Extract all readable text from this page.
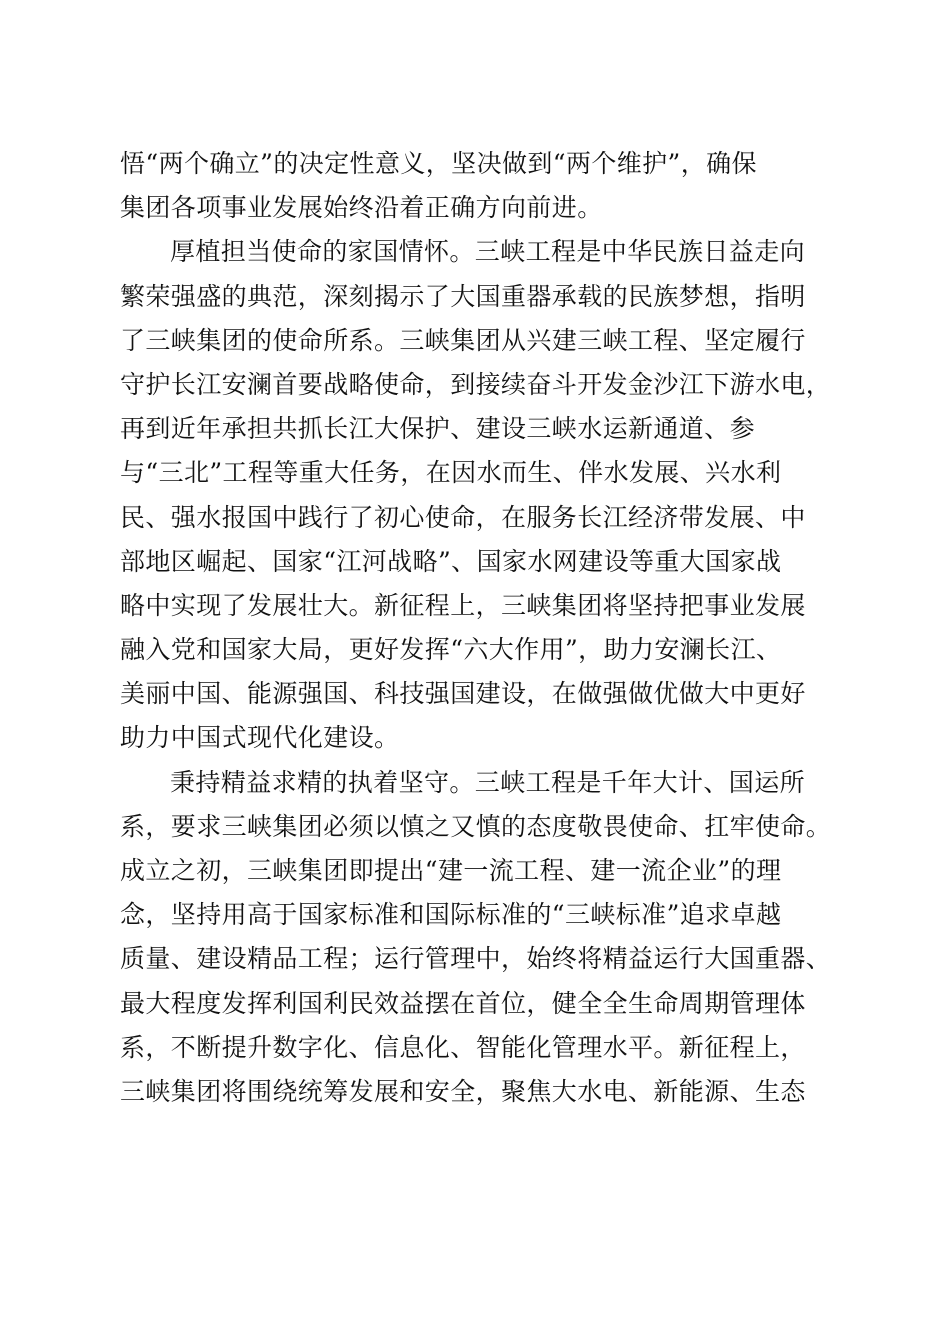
悟“两个确立”的决定性意义，坚决做到“两个维护”，确保
集团各项事业发展始终沿着正确方向前进。
厚植担当使命的家国情怀。三峡工程是中华民族日益走向
繁荣强盛的典范，深刻揭示了大国重器承载的民族梦想，指明
了三峡集团的使命所系。三峡集团从兴建三峡工程、坚定履行
守护长江安澜首要战略使命，到接续奋斗开发金沙江下游水电，
再到近年承担共抓长江大保护、建设三峡水运新通道、参
与“三北”工程等重大任务，在因水而生、伴水发展、兴水利
民、强水报国中践行了初心使命，在服务长江经济带发展、中
部地区崛起、国家“江河战略”、国家水网建设等重大国家战
略中实现了发展壮大。新征程上，三峡集团将坚持把事业发展
融入党和国家大局，更好发挥“六大作用”，助力安澜长江、
美丽中国、能源强国、科技强国建设，在做强做优做大中更好
助力中国式现代化建设。
秉持精益求精的执着坚守。三峡工程是千年大计、国运所
系，要求三峡集团必须以慎之又慎的态度敬畏使命、扛牢使命。
成立之初，三峡集团即提出“建一流工程、建一流企业”的理
念，坚持用高于国家标准和国际标准的“三峡标准”追求卓越
质量、建设精品工程；运行管理中，始终将精益运行大国重器、
最大程度发挥利国利民效益摆在首位，健全全生命周期管理体
系，不断提升数字化、信息化、智能化管理水平。新征程上，
三峡集团将围绕统筹发展和安全，聚焦大水电、新能源、生态
